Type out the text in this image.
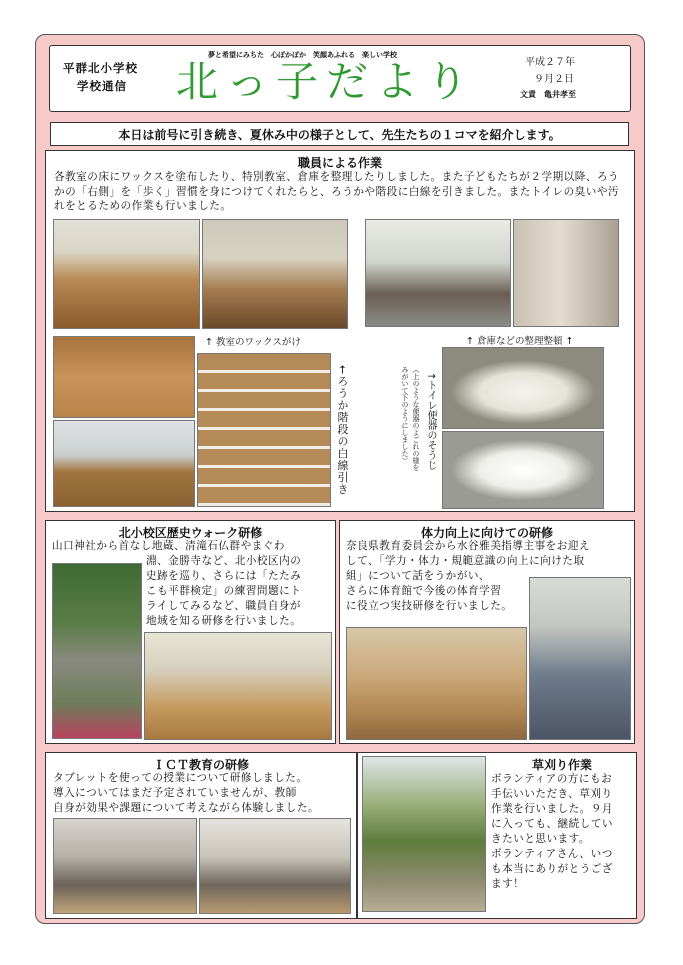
平群北小学校
学校通信
夢と希望にみちた　心ぽかぽか　笑顔あふれる　楽しい学校
北っ子だより	平成２７年
９月２日
文責　亀井孝至
本日は前号に引き続き、夏休み中の様子として、先生たちの１コマを紹介します。
職員による作業

各教室の床にワックスを塗布したり、特別教室、倉庫を整理したりしました。また子どもたちが２学期以降、ろうかの「右側」を「歩く」習慣を身につけてくれたらと、ろうかや階段に白線を引きました。またトイレの臭いや汚れをとるための作業も行いました。

↑ 教室のワックスがけ	↑ 倉庫などの整理整頓 ↑
←ろうか階段の白線引き	↑トイレ便器のそうじ
（上のような便器のよごれの様を
みがいて下のようにしました）
北小校区歴史ウォーク研修
山口神社から首なし地蔵、清滝石仏群やまぐわ
淵、金勝寺など、北小校区内の
史跡を巡り、さらには「たたみ
こも平群検定」の練習問題にト
ライしてみるなど、職員自身が
地域を知る研修を行いました。
体力向上に向けての研修
奈良県教育委員会から水谷雅美指導主事をお迎え
して、「学力・体力・規範意識の向上に向けた取
組」について話をうかがい、
さらに体育館で今後の体育学習
に役立つ実技研修を行いました。
ＩＣＴ教育の研修
タブレットを使っての授業について研修しました。
導入についてはまだ予定されていませんが、教師
自身が効果や課題について考えながら体験しました。
草刈り作業
ボランティアの方にもお
手伝いいただき、草刈り
作業を行いました。９月
に入っても、継続してい
きたいと思います。
ボランティアさん、いつ
も本当にありがとうござ
ます！
